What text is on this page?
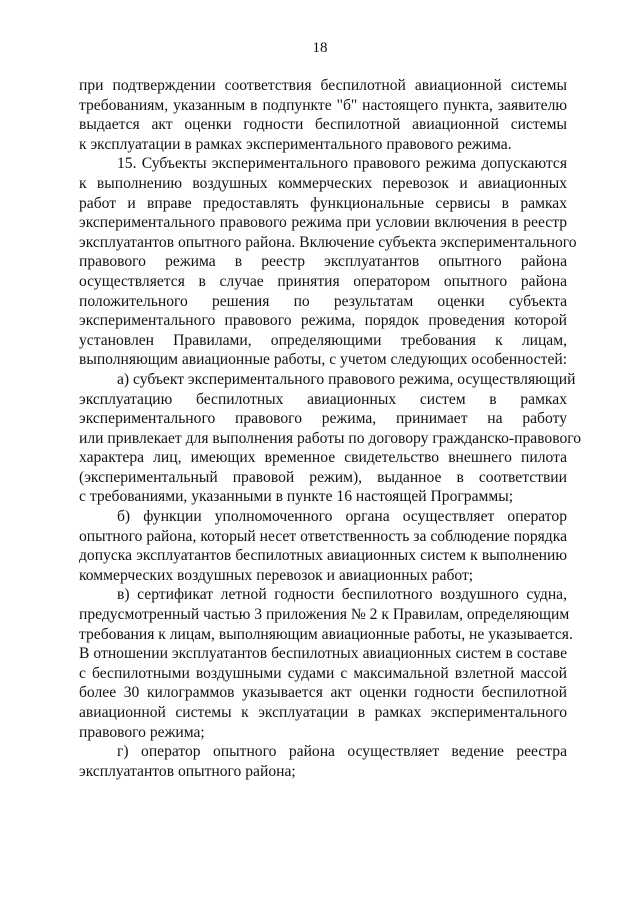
18
при подтверждении соответствия беспилотной авиационной системы
требованиям, указанным в подпункте "б" настоящего пункта, заявителю
выдается акт оценки годности беспилотной авиационной системы
к эксплуатации в рамках экспериментального правового режима.
15. Субъекты экспериментального правового режима допускаются
к выполнению воздушных коммерческих перевозок и авиационных
работ и вправе предоставлять функциональные сервисы в рамках
экспериментального правового режима при условии включения в реестр
эксплуатантов опытного района. Включение субъекта экспериментального
правового режима в реестр эксплуатантов опытного района
осуществляется в случае принятия оператором опытного района
положительного решения по результатам оценки субъекта
экспериментального правового режима, порядок проведения которой
установлен Правилами, определяющими требования к лицам,
выполняющим авиационные работы, с учетом следующих особенностей:
а) субъект экспериментального правового режима, осуществляющий
эксплуатацию беспилотных авиационных систем в рамках
экспериментального правового режима, принимает на работу
или привлекает для выполнения работы по договору гражданско-правового
характера лиц, имеющих временное свидетельство внешнего пилота
(экспериментальный правовой режим), выданное в соответствии
с требованиями, указанными в пункте 16 настоящей Программы;
б) функции уполномоченного органа осуществляет оператор
опытного района, который несет ответственность за соблюдение порядка
допуска эксплуатантов беспилотных авиационных систем к выполнению
коммерческих воздушных перевозок и авиационных работ;
в) сертификат летной годности беспилотного воздушного судна,
предусмотренный частью 3 приложения № 2 к Правилам, определяющим
требования к лицам, выполняющим авиационные работы, не указывается.
В отношении эксплуатантов беспилотных авиационных систем в составе
с беспилотными воздушными судами с максимальной взлетной массой
более 30 килограммов указывается акт оценки годности беспилотной
авиационной системы к эксплуатации в рамках экспериментального
правового режима;
г) оператор опытного района осуществляет ведение реестра
эксплуатантов опытного района;
